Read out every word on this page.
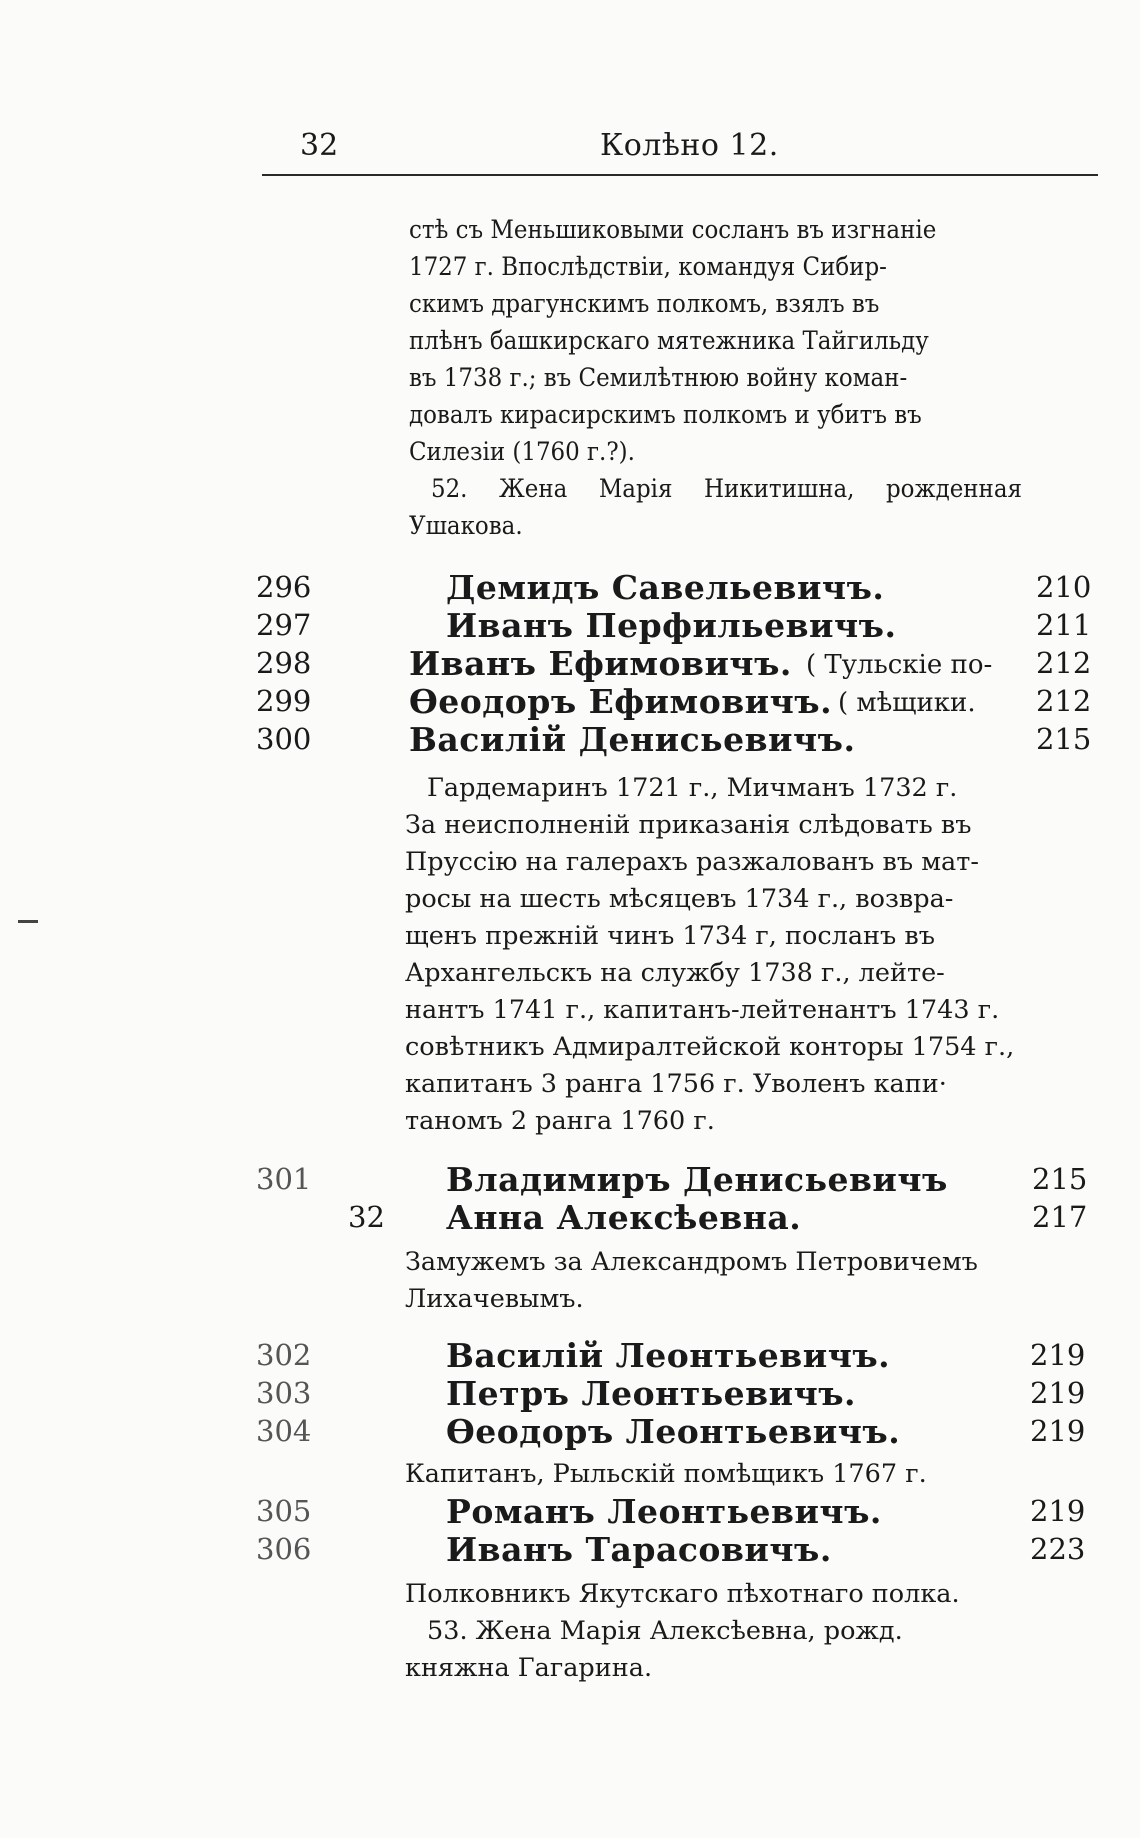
32	Колѣно 12.

стѣ съ Меньшиковыми сосланъ въ изгнаніе

1727 г. Впослѣдствіи, командуя Сибир-

скимъ драгунскимъ полкомъ, взялъ въ

плѣнъ башкирскаго мятежника Тайгильду

въ 1738 г.; въ Семилѣтнюю войну коман-

довалъ кирасирскимъ полкомъ и убитъ въ

Силезіи (1760 г.?).

52. Жена Марія Никитишна, рожденная Ушакова.

296	Демидъ Савельевичъ.	210
297	Иванъ Перфильевичъ.	211
298	Иванъ Ефимовичъ. ( Тульскіе по- 212
299	Ѳеодоръ Ефимовичъ. ( мѣщики. 212
300	Василій Денисьевичъ.	215

Гардемаринъ 1721 г., Мичманъ 1732 г.

За неисполненій приказанія слѣдовать въ

Пруссію на галерахъ разжалованъ въ мат-

росы на шесть мѣсяцевъ 1734 г., возвра-

щенъ прежній чинъ 1734 г, посланъ въ

Архангельскъ на службу 1738 г., лейте-

нантъ 1741 г., капитанъ-лейтенантъ 1743 г.

совѣтникъ Адмиралтейской конторы 1754 г.,

капитанъ 3 ранга 1756 г. Уволенъ капи·

таномъ 2 ранга 1760 г.

301	Владимиръ Денисьевичъ	215
32 Анна Алексѣевна.	217

Замужемъ за Александромъ Петровичемъ

Лихачевымъ.

302	Василій Леонтьевичъ.	219
303	Петръ Леонтьевичъ.	219
304	Ѳеодоръ Леонтьевичъ.	219

Капитанъ, Рыльскій помѣщикъ 1767 г.

305	Романъ Леонтьевичъ.	219
306	Иванъ Тарасовичъ.	223

Полковникъ Якутскаго пѣхотнаго полка.

53. Жена Марія Алексѣевна, рожд.

княжна Гагарина.
